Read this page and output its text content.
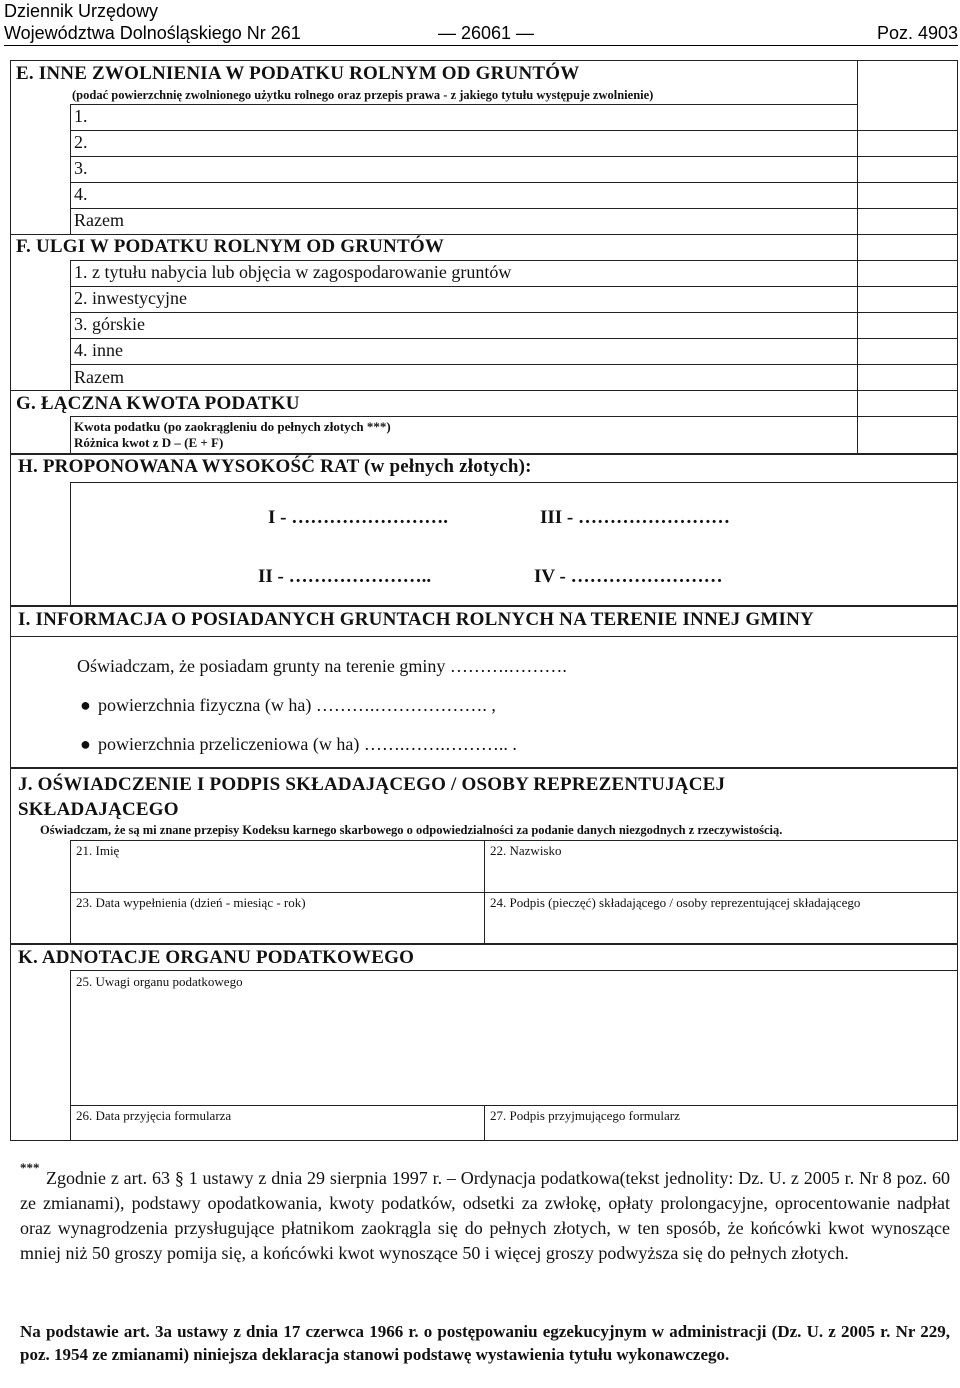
Dziennik Urzędowy
Województwa Dolnośląskiego Nr 261	— 26061 —	Poz. 4903
E. INNE ZWOLNIENIA W PODATKU ROLNYM OD GRUNTÓW
(podać powierzchnię zwolnionego użytku rolnego oraz przepis prawa - z jakiego tytułu występuje zwolnienie)
1.
2.
3.
4.
Razem
F. ULGI W PODATKU ROLNYM OD GRUNTÓW
1. z tytułu nabycia lub objęcia w zagospodarowanie gruntów
2. inwestycyjne
3. górskie
4. inne
Razem
G. ŁĄCZNA KWOTA PODATKU
Kwota podatku (po zaokrągleniu do pełnych złotych ***)
Różnica kwot z D – (E + F)
H. PROPONOWANA WYSOKOŚĆ RAT (w pełnych złotych):
I - …………………….	III - ……………………
II - …………………..	IV - ……………………
I. INFORMACJA O POSIADANYCH GRUNTACH ROLNYCH NA TERENIE INNEJ GMINY
Oświadczam, że posiadam grunty na terenie gminy ……….……….
● powierzchnia fizyczna (w ha) ……….………………. ,
● powierzchnia przeliczeniowa (w ha) …….…….……….. .
J. OŚWIADCZENIE I PODPIS SKŁADAJĄCEGO / OSOBY REPREZENTUJĄCEJ
SKŁADAJĄCEGO
Oświadczam, że są mi znane przepisy Kodeksu karnego skarbowego o odpowiedzialności za podanie danych niezgodnych z rzeczywistością.
21. Imię	22. Nazwisko
23. Data wypełnienia (dzień - miesiąc - rok)	24. Podpis (pieczęć) składającego / osoby reprezentującej składającego
K. ADNOTACJE ORGANU PODATKOWEGO
25. Uwagi organu podatkowego
26. Data przyjęcia formularza	27. Podpis przyjmującego formularz
***
Zgodnie z art. 63 § 1 ustawy z dnia 29 sierpnia 1997 r. – Ordynacja podatkowa(tekst jednolity: Dz. U. z 2005 r. Nr 8 poz. 60 ze zmianami), podstawy opodatkowania, kwoty podatków, odsetki za zwłokę, opłaty prolongacyjne, oprocentowanie nadpłat oraz wynagrodzenia przysługujące płatnikom zaokrągla się do pełnych złotych, w ten sposób, że końcówki kwot wynoszące mniej niż 50 groszy pomija się, a końcówki kwot wynoszące 50 i więcej groszy podwyższa się do pełnych złotych.
Na podstawie art. 3a ustawy z dnia 17 czerwca 1966 r. o postępowaniu egzekucyjnym w administracji (Dz. U. z 2005 r. Nr 229, poz. 1954 ze zmianami) niniejsza deklaracja stanowi podstawę wystawienia tytułu wykonawczego.
